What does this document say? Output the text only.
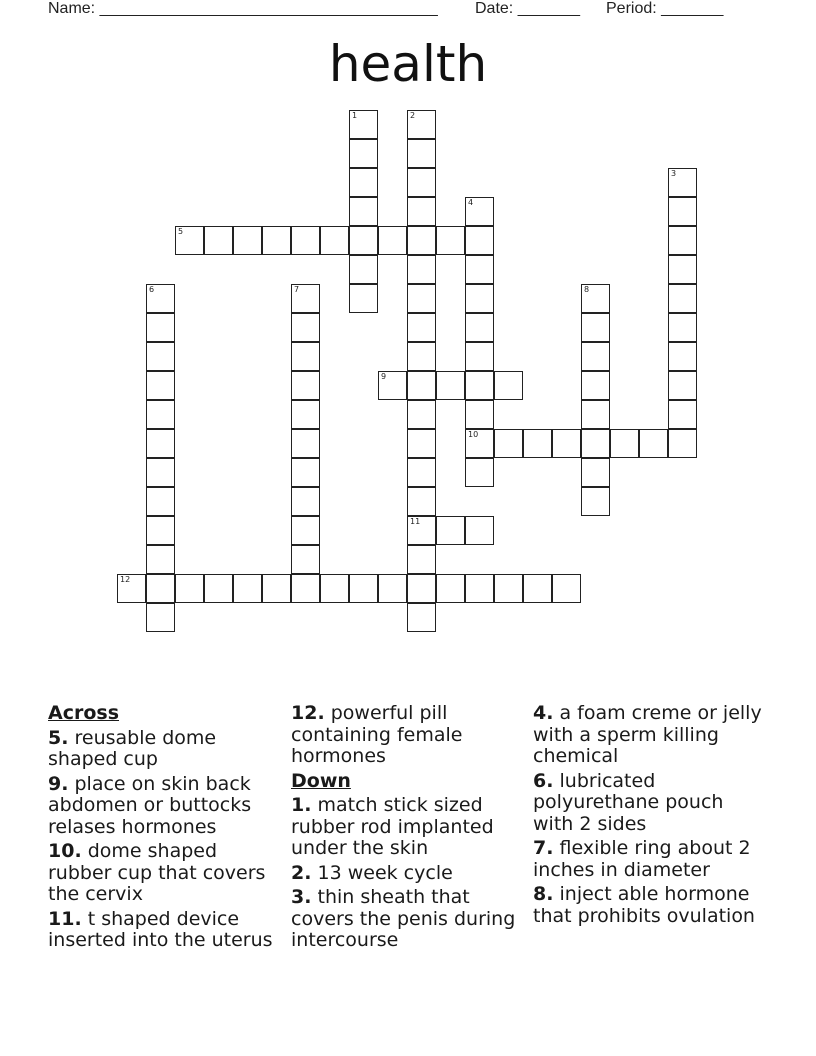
Name: ______________________________________ Date: _______ Period: _______
health
5
9
10
11
12
1	2
3
4
6	7	8
Across
5. reusable dome shaped cup
9. place on skin back abdomen or buttocks relases hormones
10. dome shaped rubber cup that covers the cervix
11. t shaped device inserted into the uterus
12. powerful pill containing female hormones
Down
1. match stick sized rubber rod implanted under the skin
2. 13 week cycle
3. thin sheath that covers the penis during intercourse
4. a foam creme or jelly with a sperm killing chemical
6. lubricated polyurethane pouch with 2 sides
7. flexible ring about 2 inches in diameter
8. inject able hormone that prohibits ovulation
